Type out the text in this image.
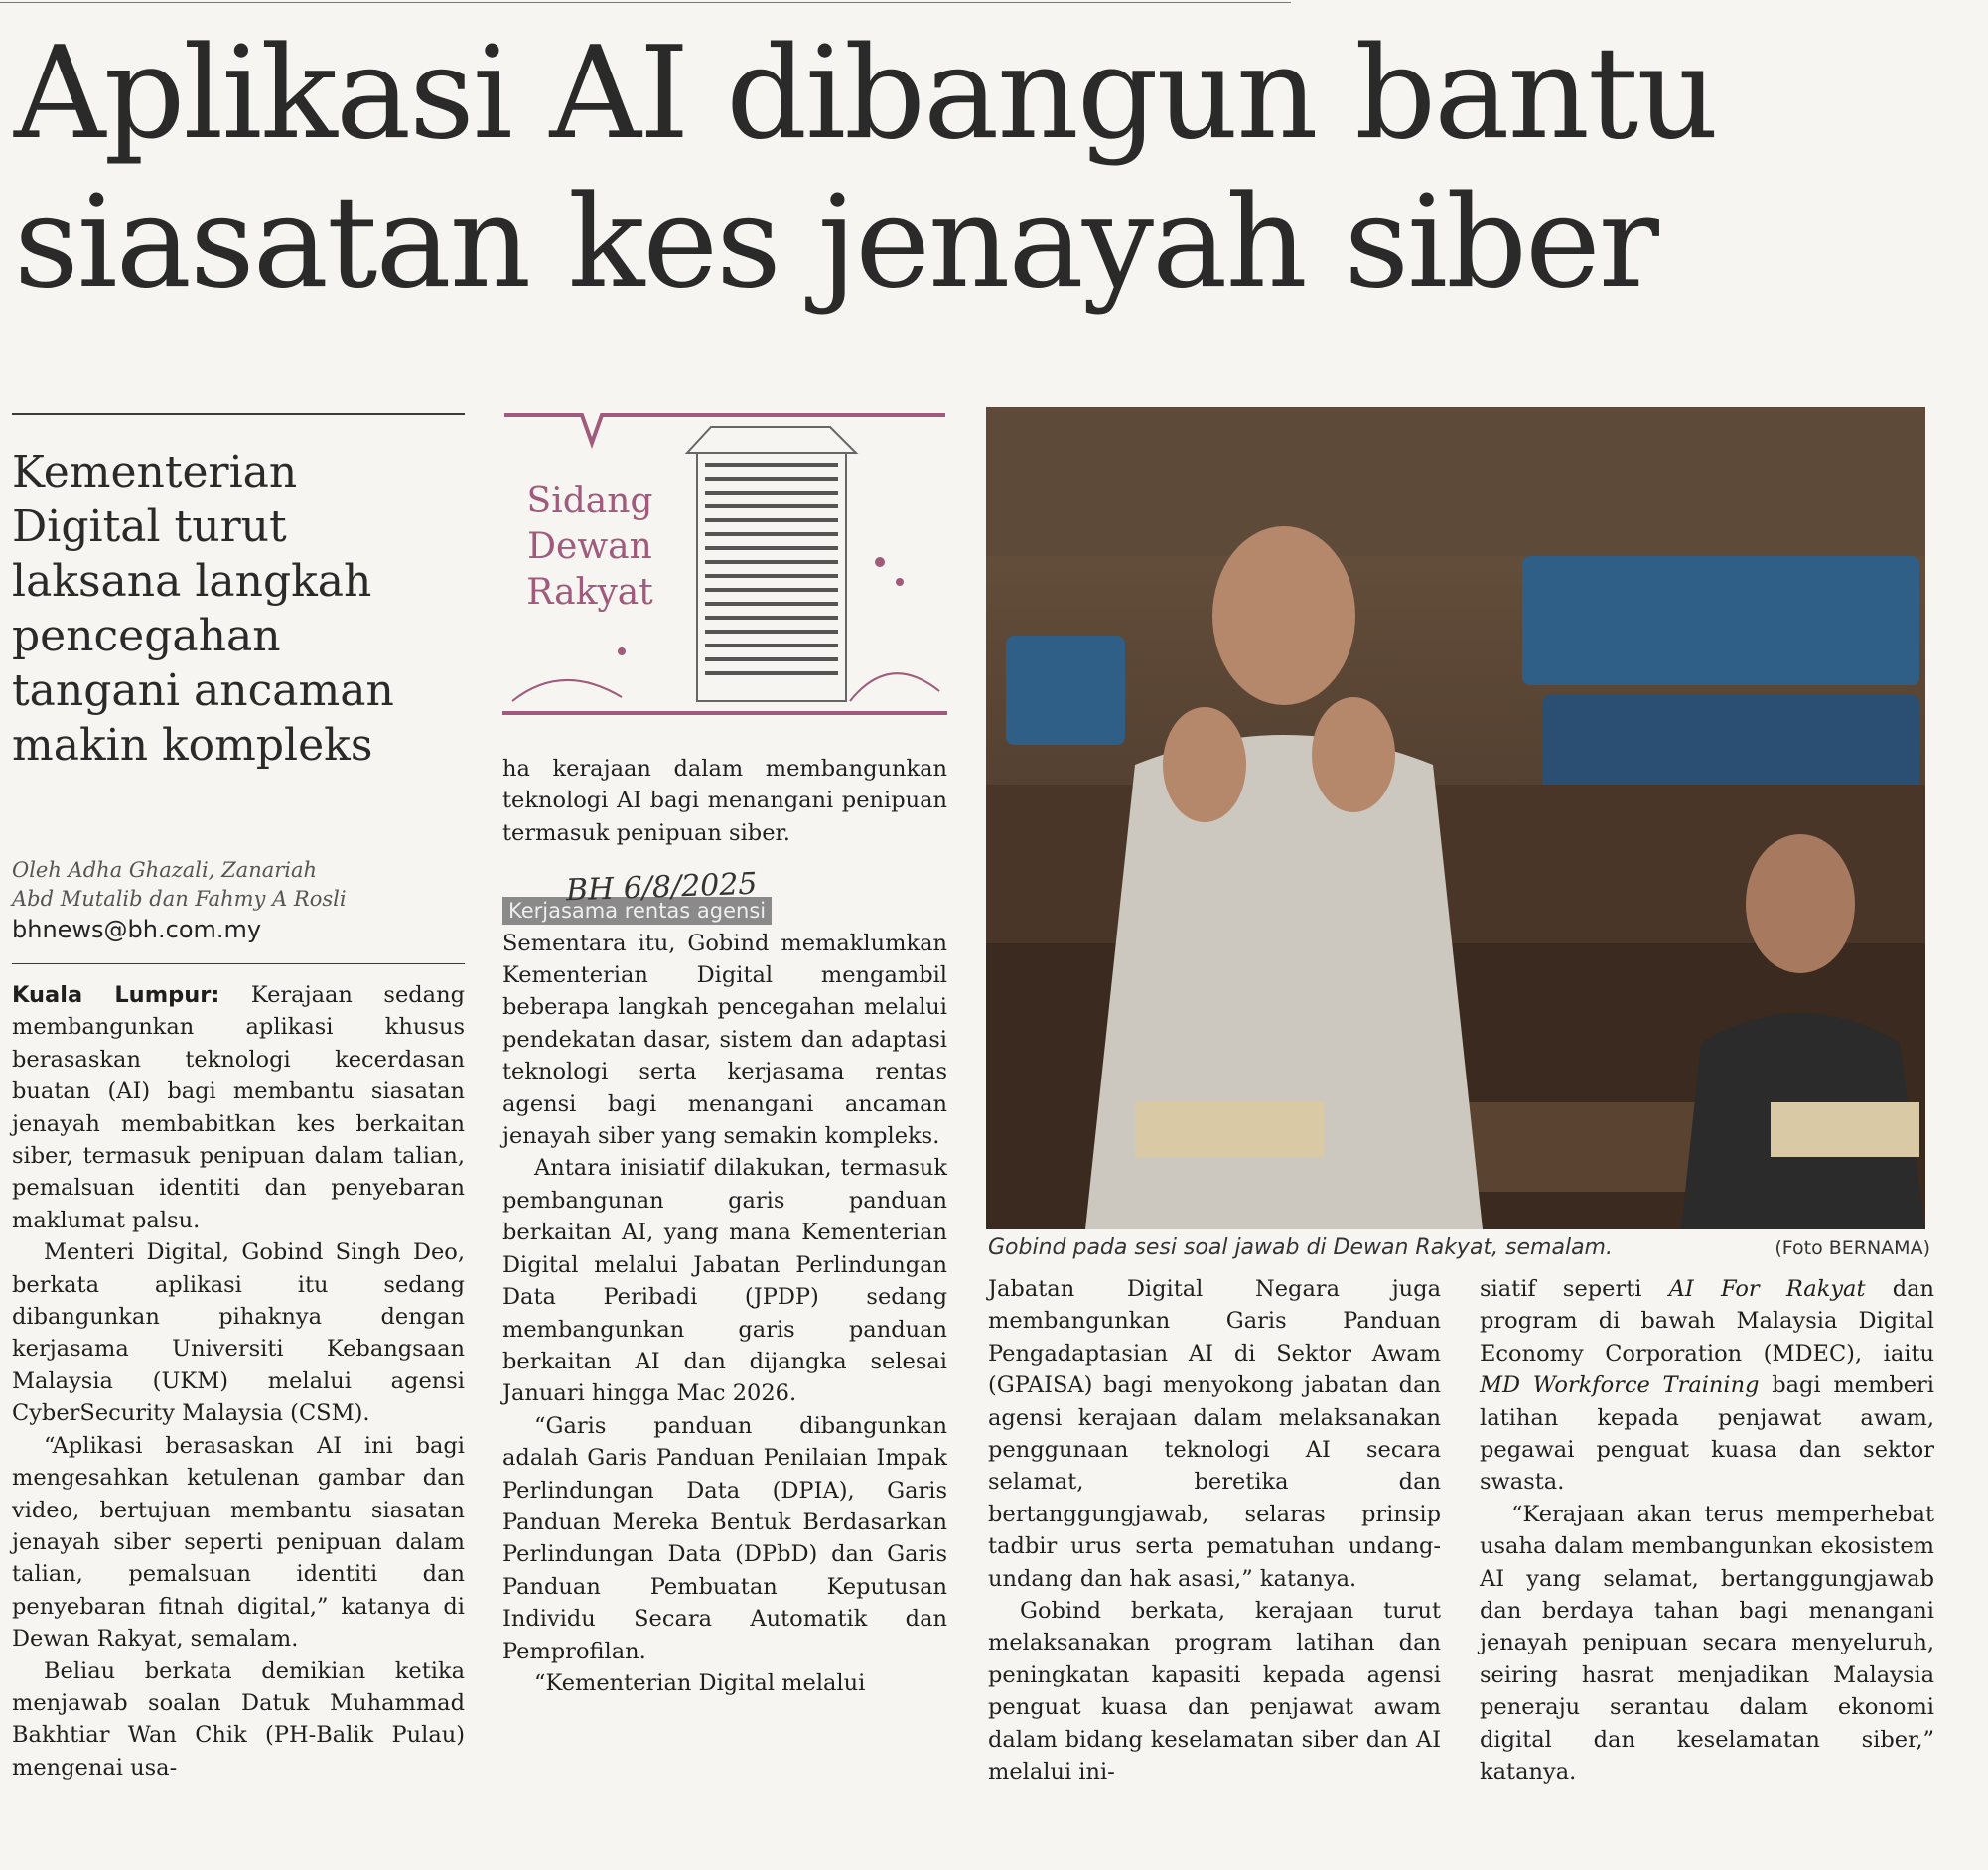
Aplikasi AI dibangun bantu
siasatan kes jenayah siber
Kementerian
Digital turut
laksana langkah
pencegahan
tangani ancaman
makin kompleks
Oleh Adha Ghazali, Zanariah
Abd Mutalib dan Fahmy A Rosli
bhnews@bh.com.my
Sidang
Dewan
Rakyat

Kuala Lumpur: Kerajaan sedang membangunkan aplikasi khusus berasaskan teknologi kecerdasan buatan (AI) bagi membantu siasatan jenayah membabitkan kes berkaitan siber, termasuk penipuan dalam talian, pemalsuan identiti dan penyebaran maklumat palsu.

Menteri Digital, Gobind Singh Deo, berkata aplikasi itu sedang dibangunkan pihaknya dengan kerjasama Universiti Kebangsaan Malaysia (UKM) melalui agensi CyberSecurity Malaysia (CSM).

“Aplikasi berasaskan AI ini bagi mengesahkan ketulenan gambar dan video, bertujuan membantu siasatan jenayah siber seperti penipuan dalam talian, pemalsuan identiti dan penyebaran fitnah digital,” katanya di Dewan Rakyat, semalam.

Beliau berkata demikian ketika menjawab soalan Datuk Muhammad Bakhtiar Wan Chik (PH-Balik Pulau) mengenai usa-

ha kerajaan dalam membangunkan teknologi AI bagi menangani penipuan termasuk penipuan siber.

Kerjasama rentas agensi

Sementara itu, Gobind memaklumkan Kementerian Digital mengambil beberapa langkah pencegahan melalui pendekatan dasar, sistem dan adaptasi teknologi serta kerjasama rentas agensi bagi menangani ancaman jenayah siber yang semakin kompleks.

Antara inisiatif dilakukan, termasuk pembangunan garis panduan berkaitan AI, yang mana Kementerian Digital melalui Jabatan Perlindungan Data Peribadi (JPDP) sedang membangunkan garis panduan berkaitan AI dan dijangka selesai Januari hingga Mac 2026.

“Garis panduan dibangunkan adalah Garis Panduan Penilaian Impak Perlindungan Data (DPIA), Garis Panduan Mereka Bentuk Berdasarkan Perlindungan Data (DPbD) dan Garis Panduan Pembuatan Keputusan Individu Secara Automatik dan Pemprofilan.

“Kementerian Digital melalui

BH 6/8/2025
Gobind pada sesi soal jawab di Dewan Rakyat, semalam.	(Foto BERNAMA)

Jabatan Digital Negara juga membangunkan Garis Panduan Pengadaptasian AI di Sektor Awam (GPAISA) bagi menyokong jabatan dan agensi kerajaan dalam melaksanakan penggunaan teknologi AI secara selamat, beretika dan bertanggungjawab, selaras prinsip tadbir urus serta pematuhan undang-undang dan hak asasi,” katanya.

Gobind berkata, kerajaan turut melaksanakan program latihan dan peningkatan kapasiti kepada agensi penguat kuasa dan penjawat awam dalam bidang keselamatan siber dan AI melalui ini-

siatif seperti AI For Rakyat dan program di bawah Malaysia Digital Economy Corporation (MDEC), iaitu MD Workforce Training bagi memberi latihan kepada penjawat awam, pegawai penguat kuasa dan sektor swasta.

“Kerajaan akan terus memperhebat usaha dalam membangunkan ekosistem AI yang selamat, bertanggungjawab dan berdaya tahan bagi menangani jenayah penipuan secara menyeluruh, seiring hasrat menjadikan Malaysia peneraju serantau dalam ekonomi digital dan keselamatan siber,” katanya.
